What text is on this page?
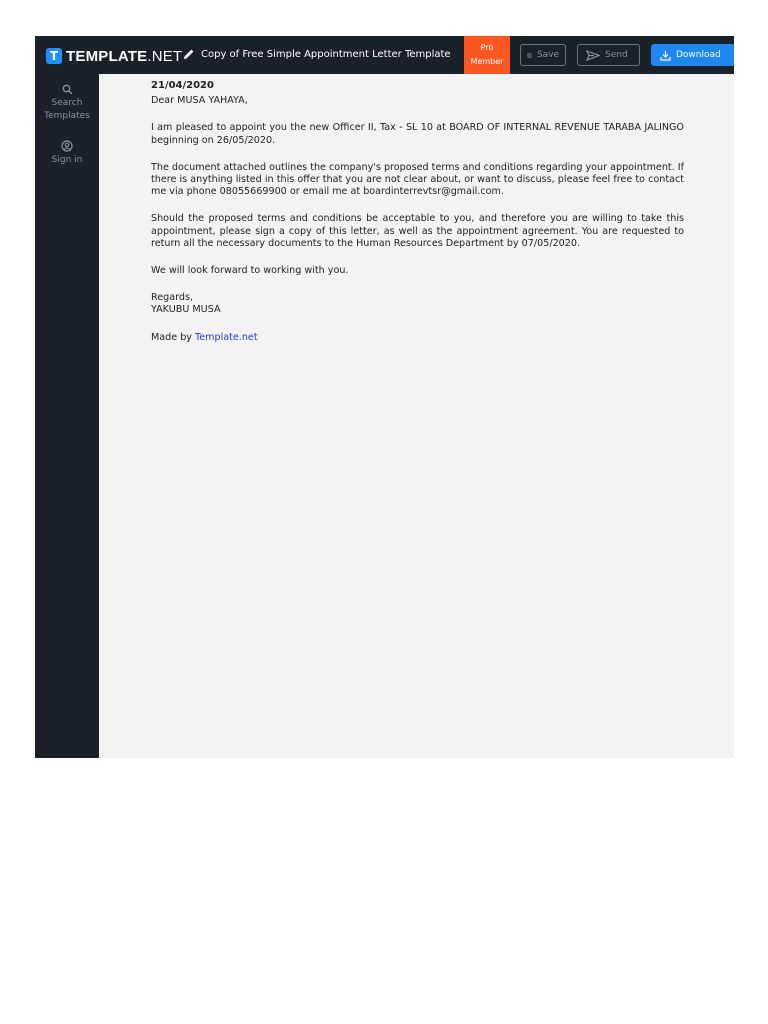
T TEMPLATE.NET Copy of Free Simple Appointment Letter Template
Pro
Member
Save	Send	Download
Search
Templates
Sign in

21/04/2020

Dear MUSA YAHAYA,

I am pleased to appoint you the new Officer II, Tax - SL 10 at BOARD OF INTERNAL REVENUE TARABA JALINGO beginning on 26/05/2020.

The document attached outlines the company's proposed terms and conditions regarding your appointment. If there is anything listed in this offer that you are not clear about, or want to discuss, please feel free to contact me via phone 08055669900 or email me at boardinterrevtsr@gmail.com.

Should the proposed terms and conditions be acceptable to you, and therefore you are willing to take this appointment, please sign a copy of this letter, as well as the appointment agreement. You are requested to return all the necessary documents to the Human Resources Department by 07/05/2020.

We will look forward to working with you.

Regards,

YAKUBU MUSA

Made by Template.net
